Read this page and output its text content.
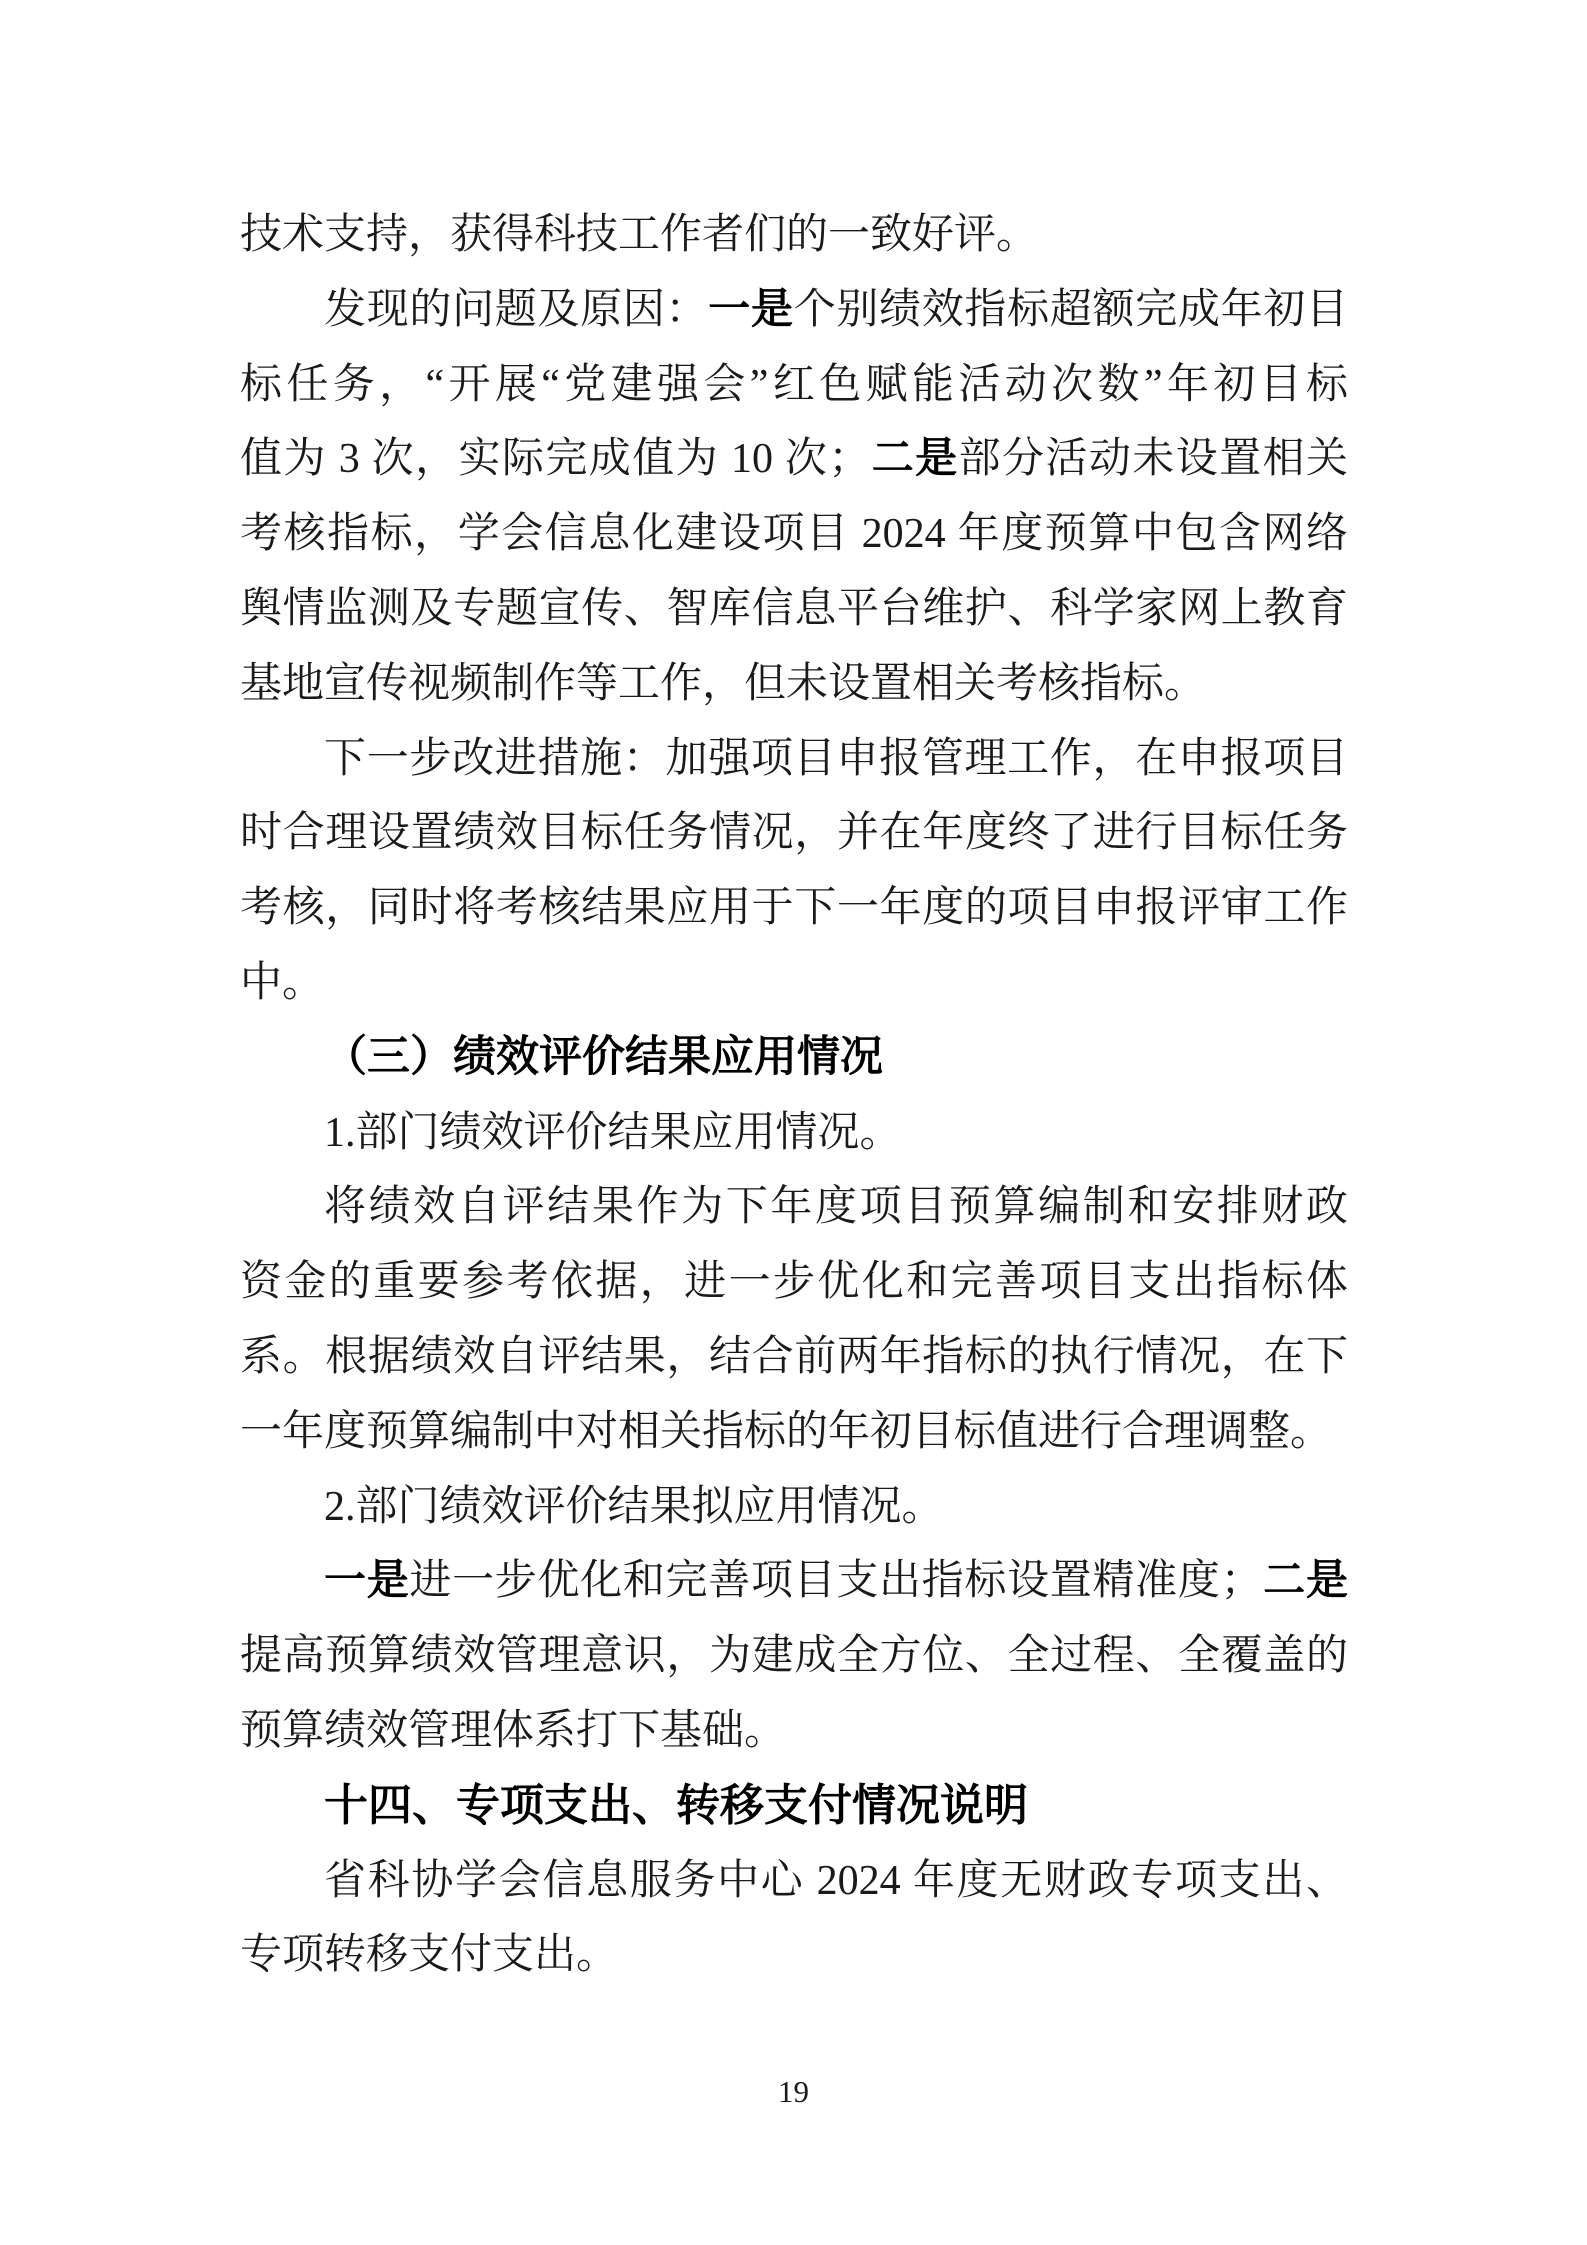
技术支持，获得科技工作者们的一致好评。
发现的问题及原因：一是个别绩效指标超额完成年初目
标任务，“开展“党建强会”红色赋能活动次数”年初目标
值为 3 次，实际完成值为 10 次；二是部分活动未设置相关
考核指标，学会信息化建设项目 2024 年度预算中包含网络
舆情监测及专题宣传、智库信息平台维护、科学家网上教育
基地宣传视频制作等工作，但未设置相关考核指标。
下一步改进措施：加强项目申报管理工作，在申报项目
时合理设置绩效目标任务情况，并在年度终了进行目标任务
考核，同时将考核结果应用于下一年度的项目申报评审工作
中。
（三）绩效评价结果应用情况
1.部门绩效评价结果应用情况。
将绩效自评结果作为下年度项目预算编制和安排财政
资金的重要参考依据，进一步优化和完善项目支出指标体
系。根据绩效自评结果，结合前两年指标的执行情况，在下
一年度预算编制中对相关指标的年初目标值进行合理调整。
2.部门绩效评价结果拟应用情况。
一是进一步优化和完善项目支出指标设置精准度；二是
提高预算绩效管理意识，为建成全方位、全过程、全覆盖的
预算绩效管理体系打下基础。
十四、专项支出、转移支付情况说明
省科协学会信息服务中心 2024 年度无财政专项支出、
专项转移支付支出。
19
